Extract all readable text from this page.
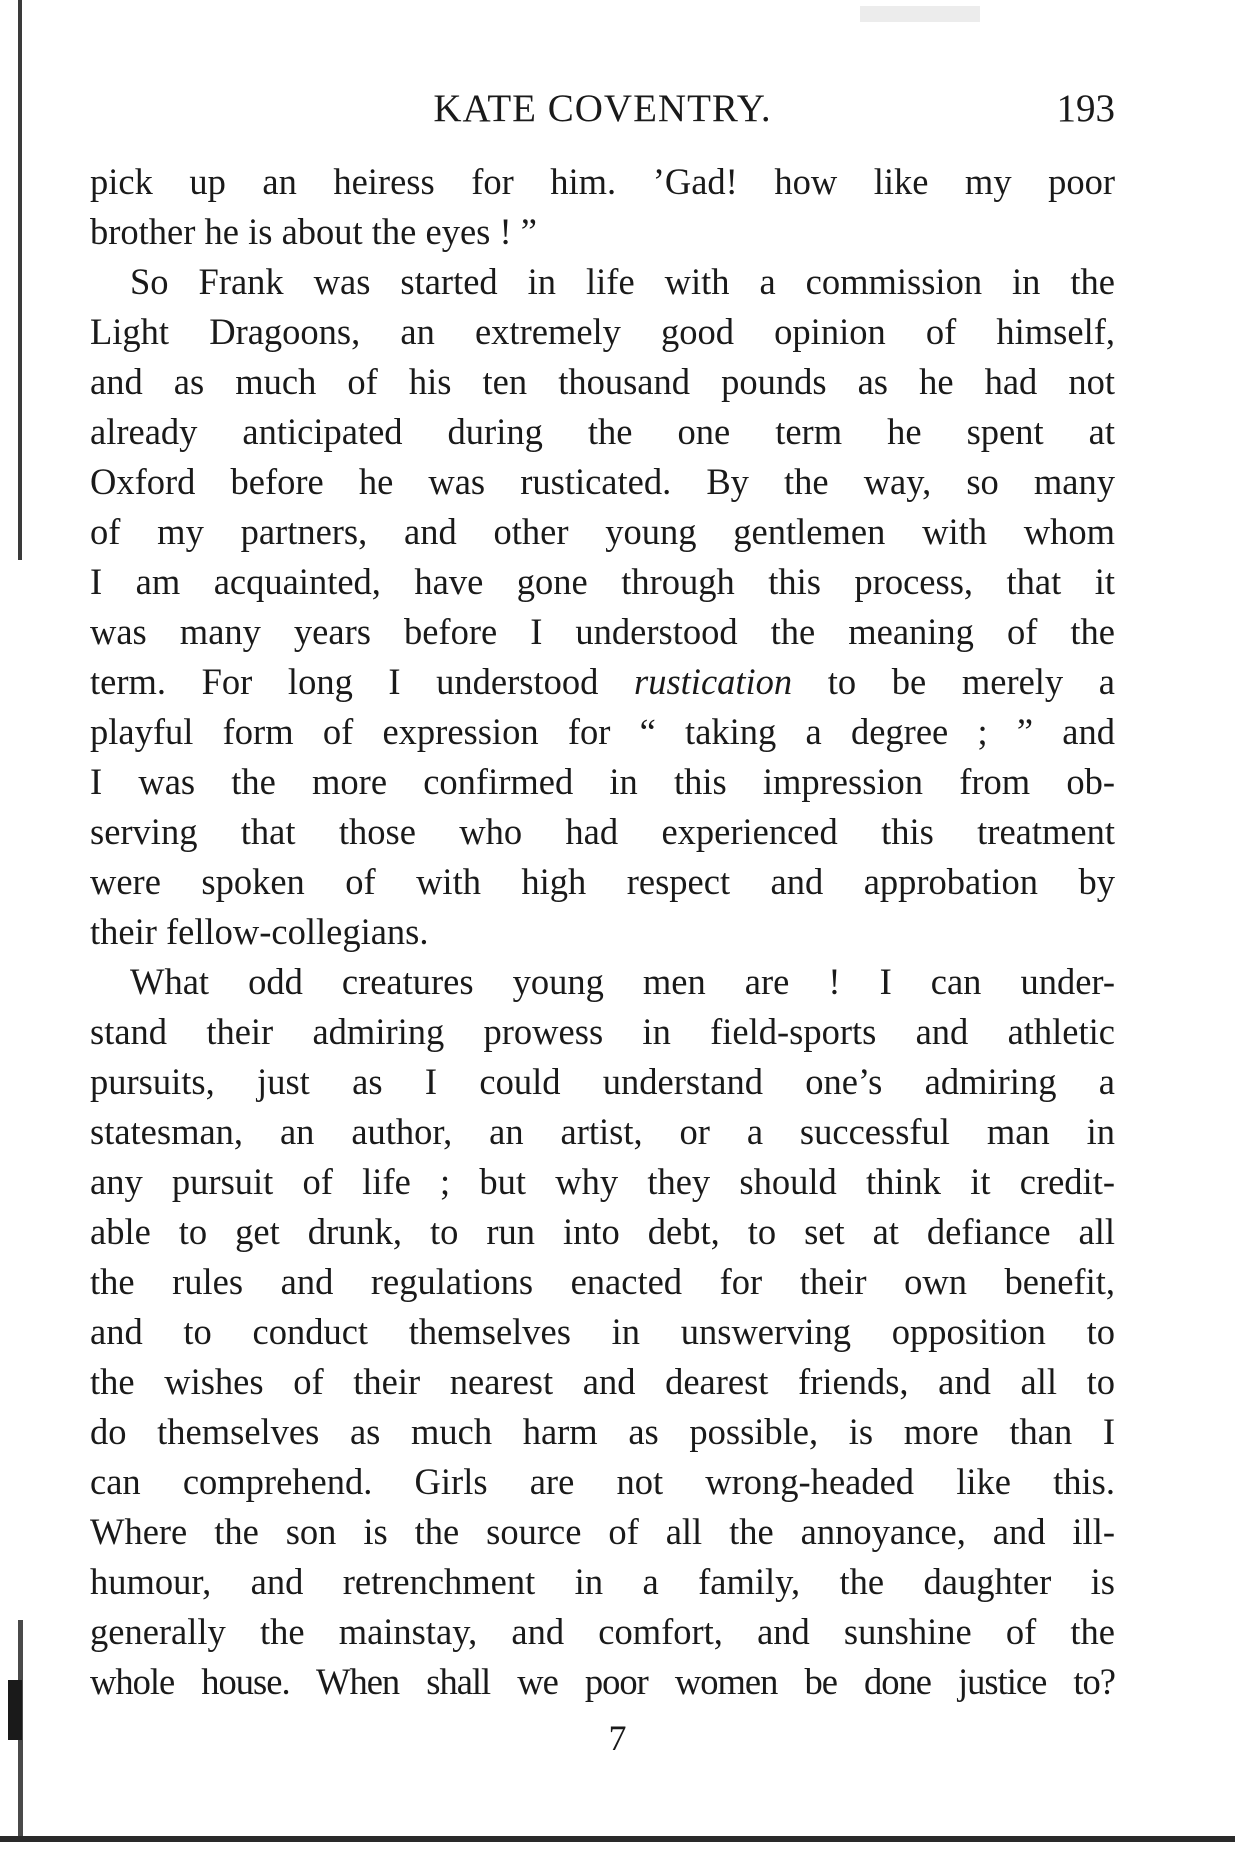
KATE COVENTRY.	193
pick up an heiress for him. ’Gad! how like my poor
brother he is about the eyes ! ”
So Frank was started in life with a commission in the
Light Dragoons, an extremely good opinion of himself,
and as much of his ten thousand pounds as he had not
already anticipated during the one term he spent at
Oxford before he was rusticated. By the way, so many
of my partners, and other young gentlemen with whom
I am acquainted, have gone through this process, that it
was many years before I understood the meaning of the
term. For long I understood rustication to be merely a
playful form of expression for “ taking a degree ; ” and
I was the more confirmed in this impression from ob-
serving that those who had experienced this treatment
were spoken of with high respect and approbation by
their fellow-collegians.
What odd creatures young men are ! I can under-
stand their admiring prowess in field-sports and athletic
pursuits, just as I could understand one’s admiring a
statesman, an author, an artist, or a successful man in
any pursuit of life ; but why they should think it credit-
able to get drunk, to run into debt, to set at defiance all
the rules and regulations enacted for their own benefit,
and to conduct themselves in unswerving opposition to
the wishes of their nearest and dearest friends, and all to
do themselves as much harm as possible, is more than I
can comprehend. Girls are not wrong-headed like this.
Where the son is the source of all the annoyance, and ill-
humour, and retrenchment in a family, the daughter is
generally the mainstay, and comfort, and sunshine of the
whole house. When shall we poor women be done justice to?
7
